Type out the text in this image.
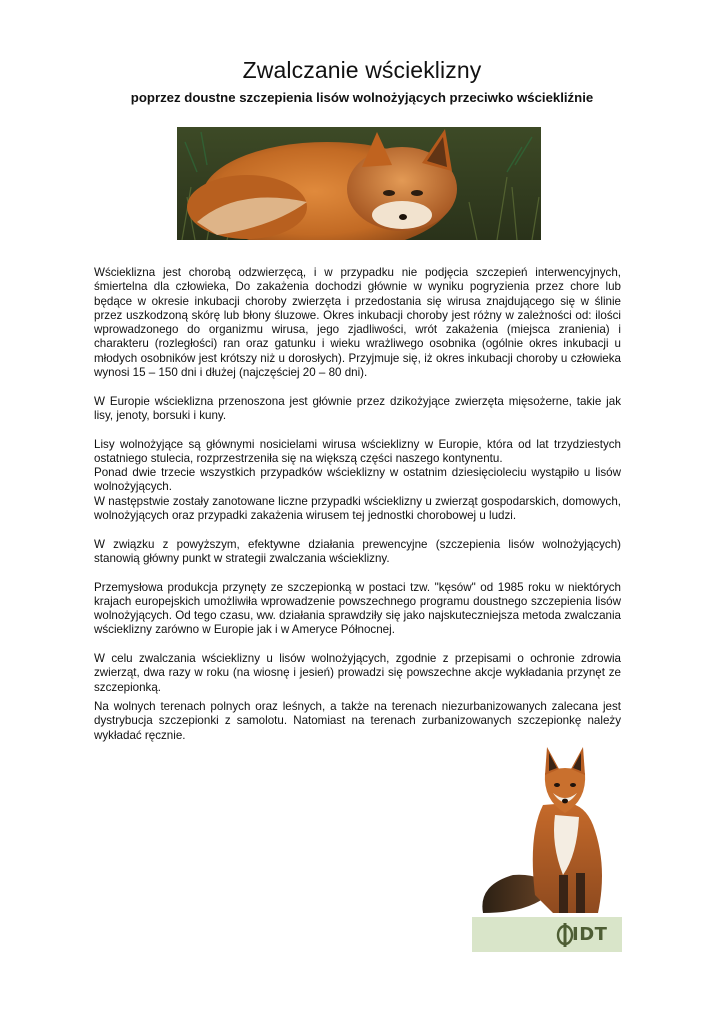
Zwalczanie wścieklizny
poprzez doustne szczepienia lisów wolnożyjących przeciwko wściekliźnie

Wścieklizna jest chorobą odzwierzęcą, i w przypadku nie podjęcia szczepień interwencyjnych, śmiertelna dla człowieka, Do zakażenia dochodzi głównie w wyniku pogryzienia przez chore lub będące w okresie inkubacji choroby zwierzęta i przedostania się wirusa znajdującego się w ślinie przez uszkodzoną skórę lub błony śluzowe. Okres inkubacji choroby jest różny w zależności od: ilości wprowadzonego do organizmu wirusa, jego zjadliwości, wrót zakażenia (miejsca zranienia) i charakteru (rozległości) ran oraz gatunku i wieku wrażliwego osobnika (ogólnie okres inkubacji u młodych osobników jest krótszy niż u dorosłych). Przyjmuje się, iż okres inkubacji choroby u człowieka wynosi 15 – 150 dni i dłużej (najczęściej 20 – 80 dni).

W Europie wścieklizna przenoszona jest głównie przez dzikożyjące zwierzęta mięsożerne, takie jak lisy, jenoty, borsuki i kuny.

Lisy wolnożyjące są głównymi nosicielami wirusa wścieklizny w Europie, która od lat trzydziestych ostatniego stulecia, rozprzestrzeniła się na większą części naszego kontynentu.

Ponad dwie trzecie wszystkich przypadków wścieklizny w ostatnim dziesięcioleciu wystąpiło u lisów wolnożyjących.

W następstwie zostały zanotowane liczne przypadki wścieklizny u zwierząt gospodarskich, domowych, wolnożyjących oraz przypadki zakażenia wirusem tej jednostki chorobowej u ludzi.

W związku z powyższym, efektywne działania prewencyjne (szczepienia lisów wolnożyjących) stanowią główny punkt w strategii zwalczania wścieklizny.

Przemysłowa produkcja przynęty ze szczepionką w postaci tzw. "kęsów" od 1985 roku w niektórych krajach europejskich umożliwiła wprowadzenie powszechnego programu doustnego szczepienia lisów wolnożyjących. Od tego czasu, ww. działania sprawdziły się jako najskuteczniejsza metoda zwalczania wścieklizny zarówno w Europie jak i w Ameryce Północnej.

W celu zwalczania wścieklizny u lisów wolnożyjących, zgodnie z przepisami o ochronie zdrowia zwierząt, dwa razy w roku (na wiosnę i jesień) prowadzi się powszechne akcje wykładania przynęt ze szczepionką.

Na wolnych terenach polnych oraz leśnych, a także na terenach niezurbanizowanych zalecana jest dystrybucja szczepionki z samolotu. Natomiast na terenach zurbanizowanych szczepionkę należy wykładać ręcznie.

IDT
